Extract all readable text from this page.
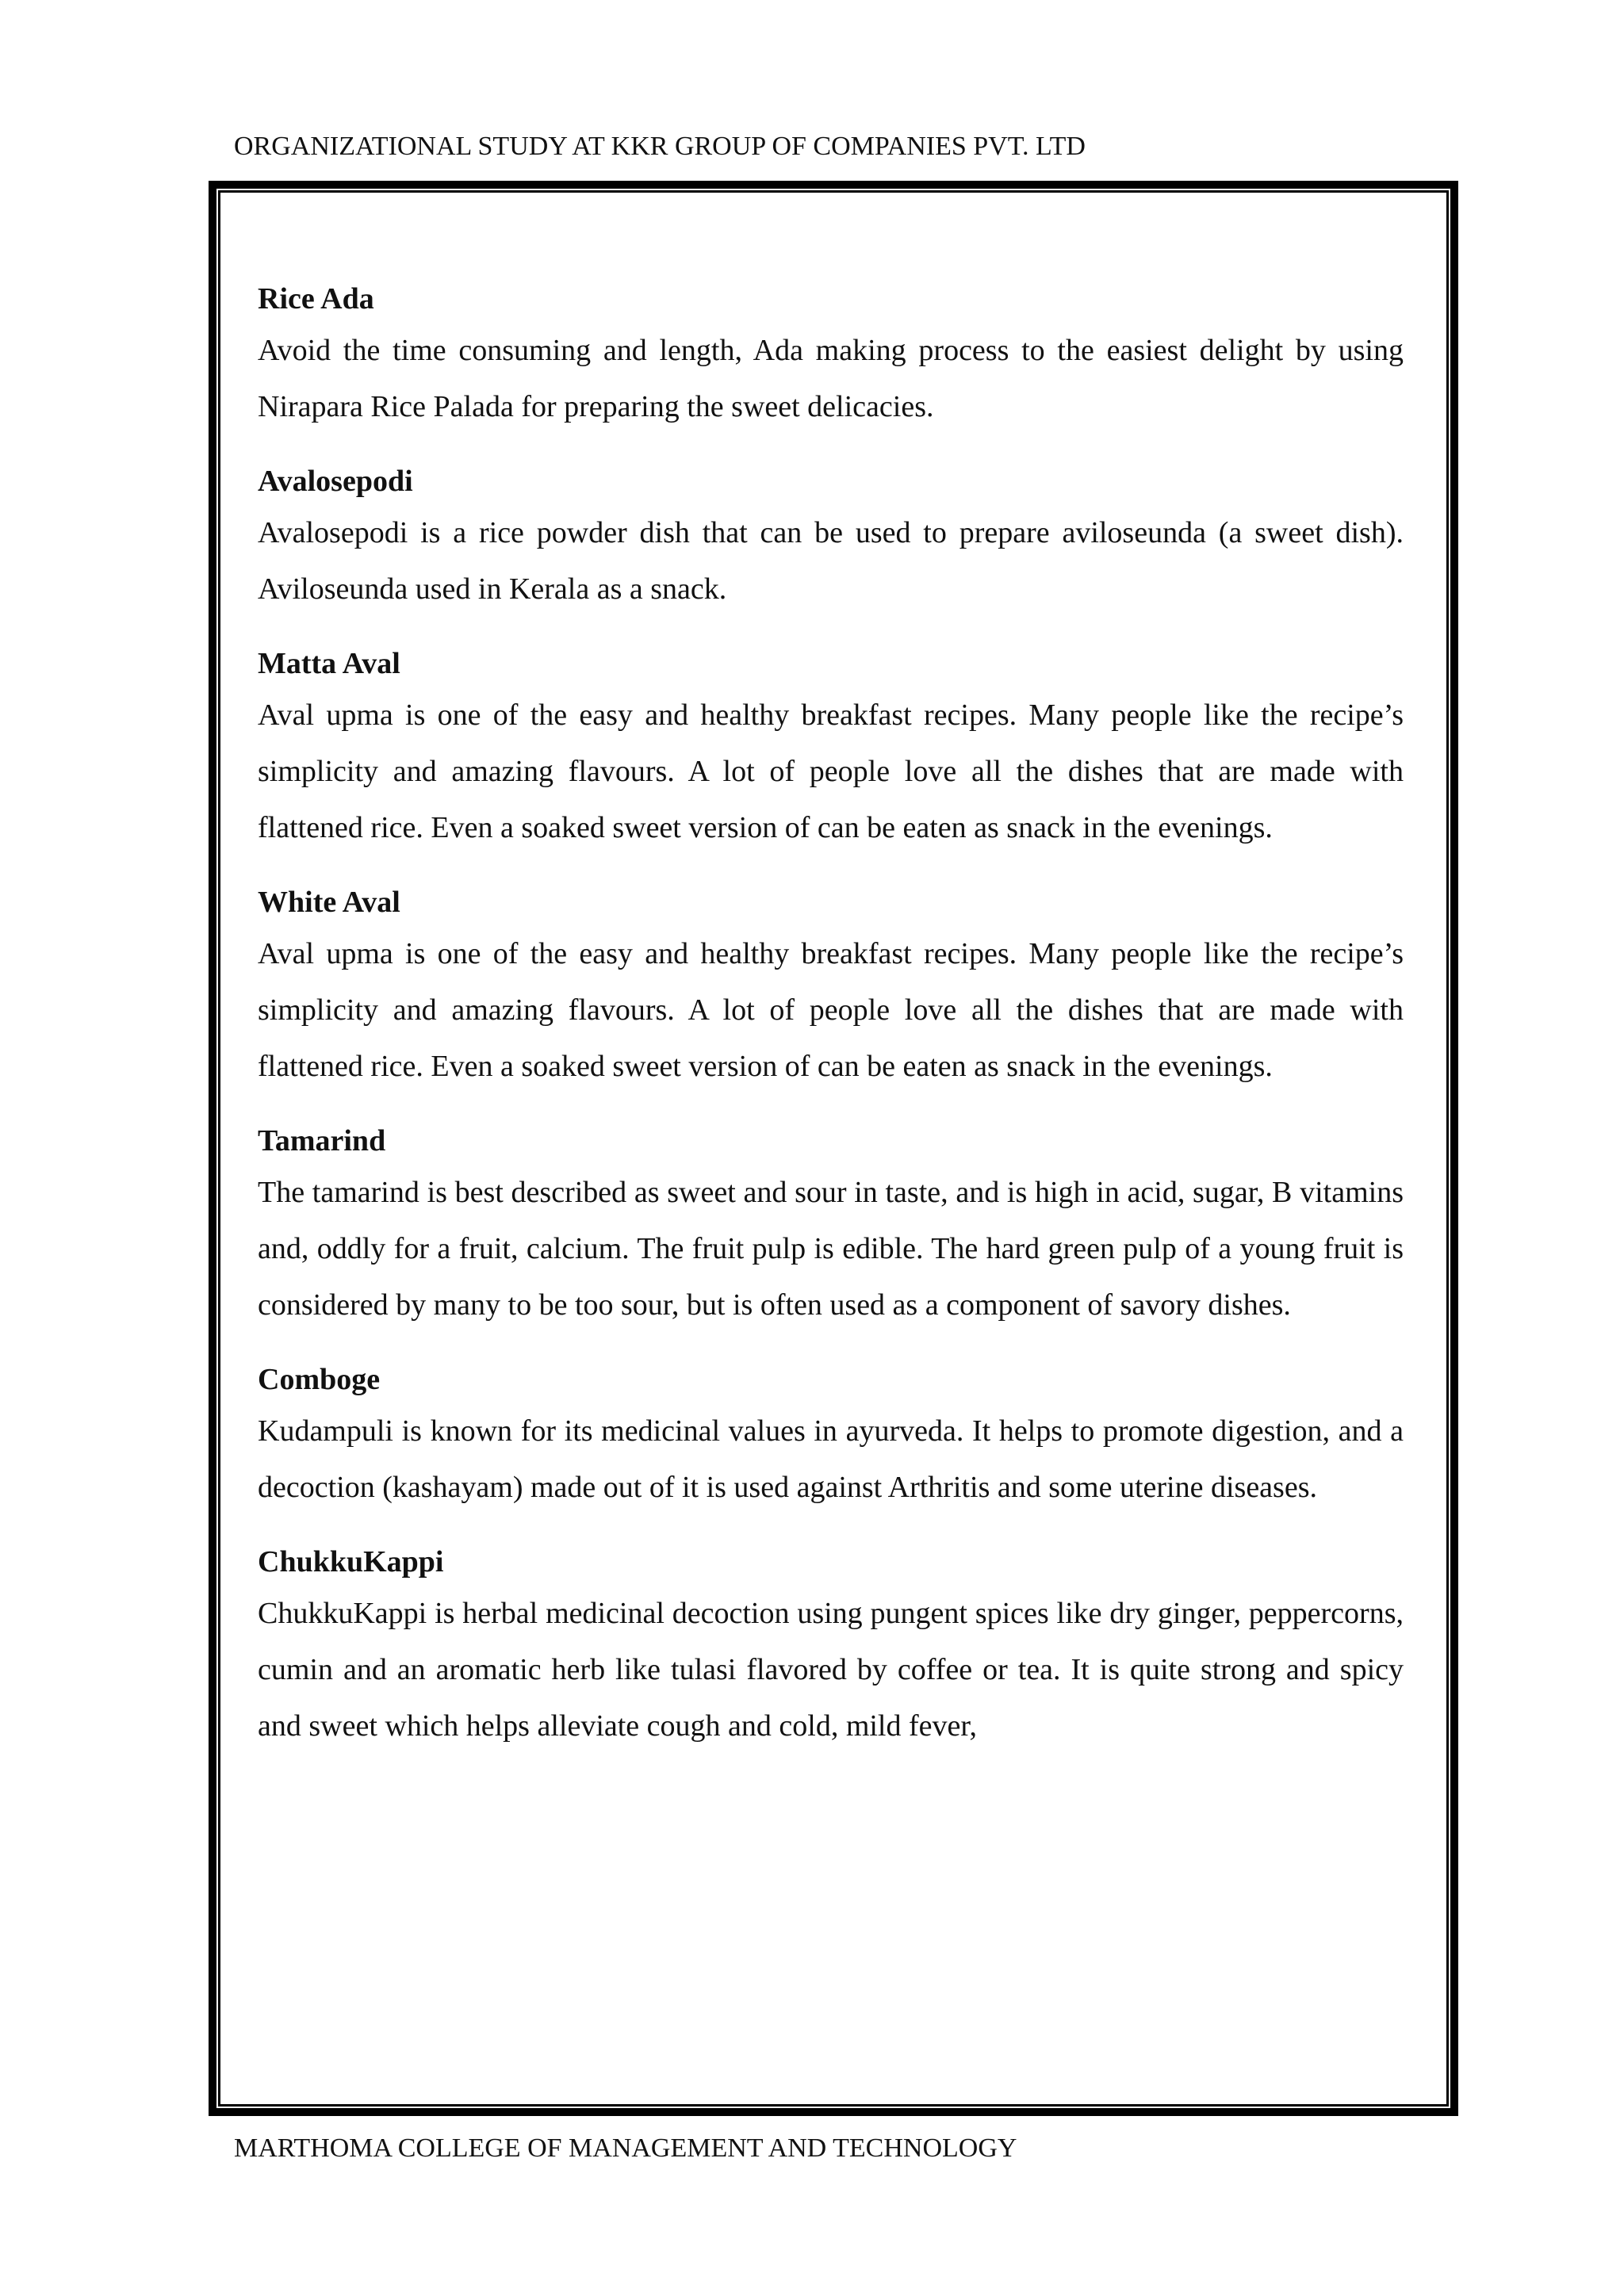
ORGANIZATIONAL STUDY AT KKR GROUP OF COMPANIES PVT. LTD
Rice Ada

Avoid the time consuming and length, Ada making process to the easiest delight by using Nirapara Rice Palada for preparing the sweet delicacies.

Avalosepodi

Avalosepodi is a rice powder dish that can be used to prepare aviloseunda (a sweet dish). Aviloseunda used in Kerala as a snack.

Matta Aval

Aval upma is one of the easy and healthy breakfast recipes. Many people like the recipe’s simplicity and amazing flavours. A lot of people love all the dishes that are made with flattened rice. Even a soaked sweet version of can be eaten as snack in the evenings.

White Aval

Aval upma is one of the easy and healthy breakfast recipes. Many people like the recipe’s simplicity and amazing flavours. A lot of people love all the dishes that are made with flattened rice. Even a soaked sweet version of can be eaten as snack in the evenings.

Tamarind

The tamarind is best described as sweet and sour in taste, and is high in acid, sugar, B vitamins and, oddly for a fruit, calcium. The fruit pulp is edible. The hard green pulp of a young fruit is considered by many to be too sour, but is often used as a component of savory dishes.

Comboge

Kudampuli is known for its medicinal values in ayurveda. It helps to promote digestion, and a decoction (kashayam) made out of it is used against Arthritis and some uterine diseases.

ChukkuKappi

ChukkuKappi is herbal medicinal decoction using pungent spices like dry ginger, peppercorns, cumin and an aromatic herb like tulasi flavored by coffee or tea. It is quite strong and spicy and sweet which helps alleviate cough and cold, mild fever,

MARTHOMA COLLEGE OF MANAGEMENT AND TECHNOLOGY
